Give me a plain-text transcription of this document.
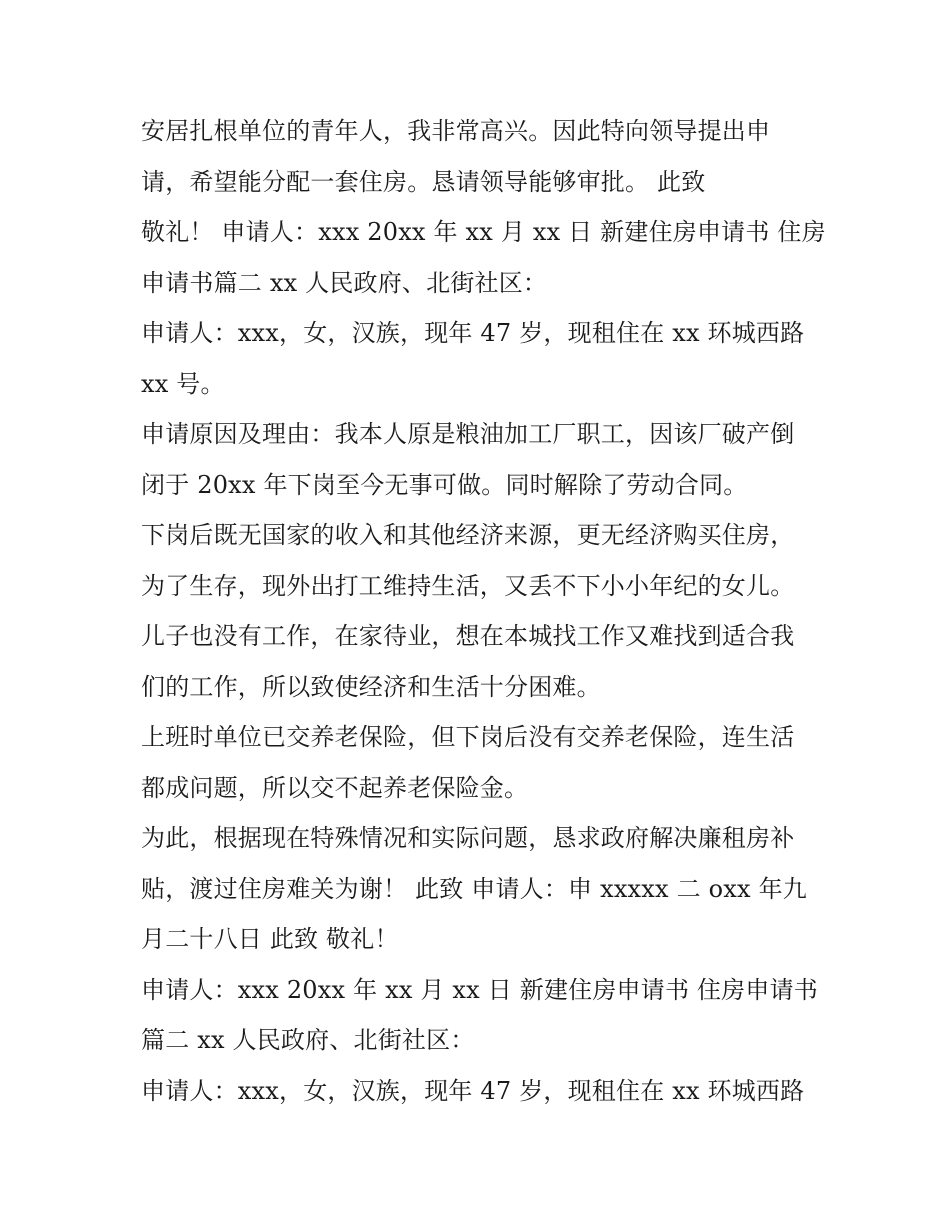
安居扎根单位的青年人，我非常高兴。因此特向领导提出申
请，希望能分配一套住房。恳请领导能够审批。 此致
敬礼！ 申请人：xxx 20xx 年 xx 月 xx 日 新建住房申请书 住房
申请书篇二 xx 人民政府、北街社区：
申请人：xxx，女，汉族，现年 47 岁，现租住在 xx 环城西路
xx 号。
申请原因及理由：我本人原是粮油加工厂职工，因该厂破产倒
闭于 20xx 年下岗至今无事可做。同时解除了劳动合同。
下岗后既无国家的收入和其他经济来源，更无经济购买住房，
为了生存，现外出打工维持生活，又丢不下小小年纪的女儿。
儿子也没有工作，在家待业，想在本城找工作又难找到适合我
们的工作，所以致使经济和生活十分困难。
上班时单位已交养老保险，但下岗后没有交养老保险，连生活
都成问题，所以交不起养老保险金。
为此，根据现在特殊情况和实际问题，恳求政府解决廉租房补
贴，渡过住房难关为谢！ 此致 申请人：申 xxxxx 二 oxx 年九
月二十八日 此致 敬礼！
申请人：xxx 20xx 年 xx 月 xx 日 新建住房申请书 住房申请书
篇二 xx 人民政府、北街社区：
申请人：xxx，女，汉族，现年 47 岁，现租住在 xx 环城西路
